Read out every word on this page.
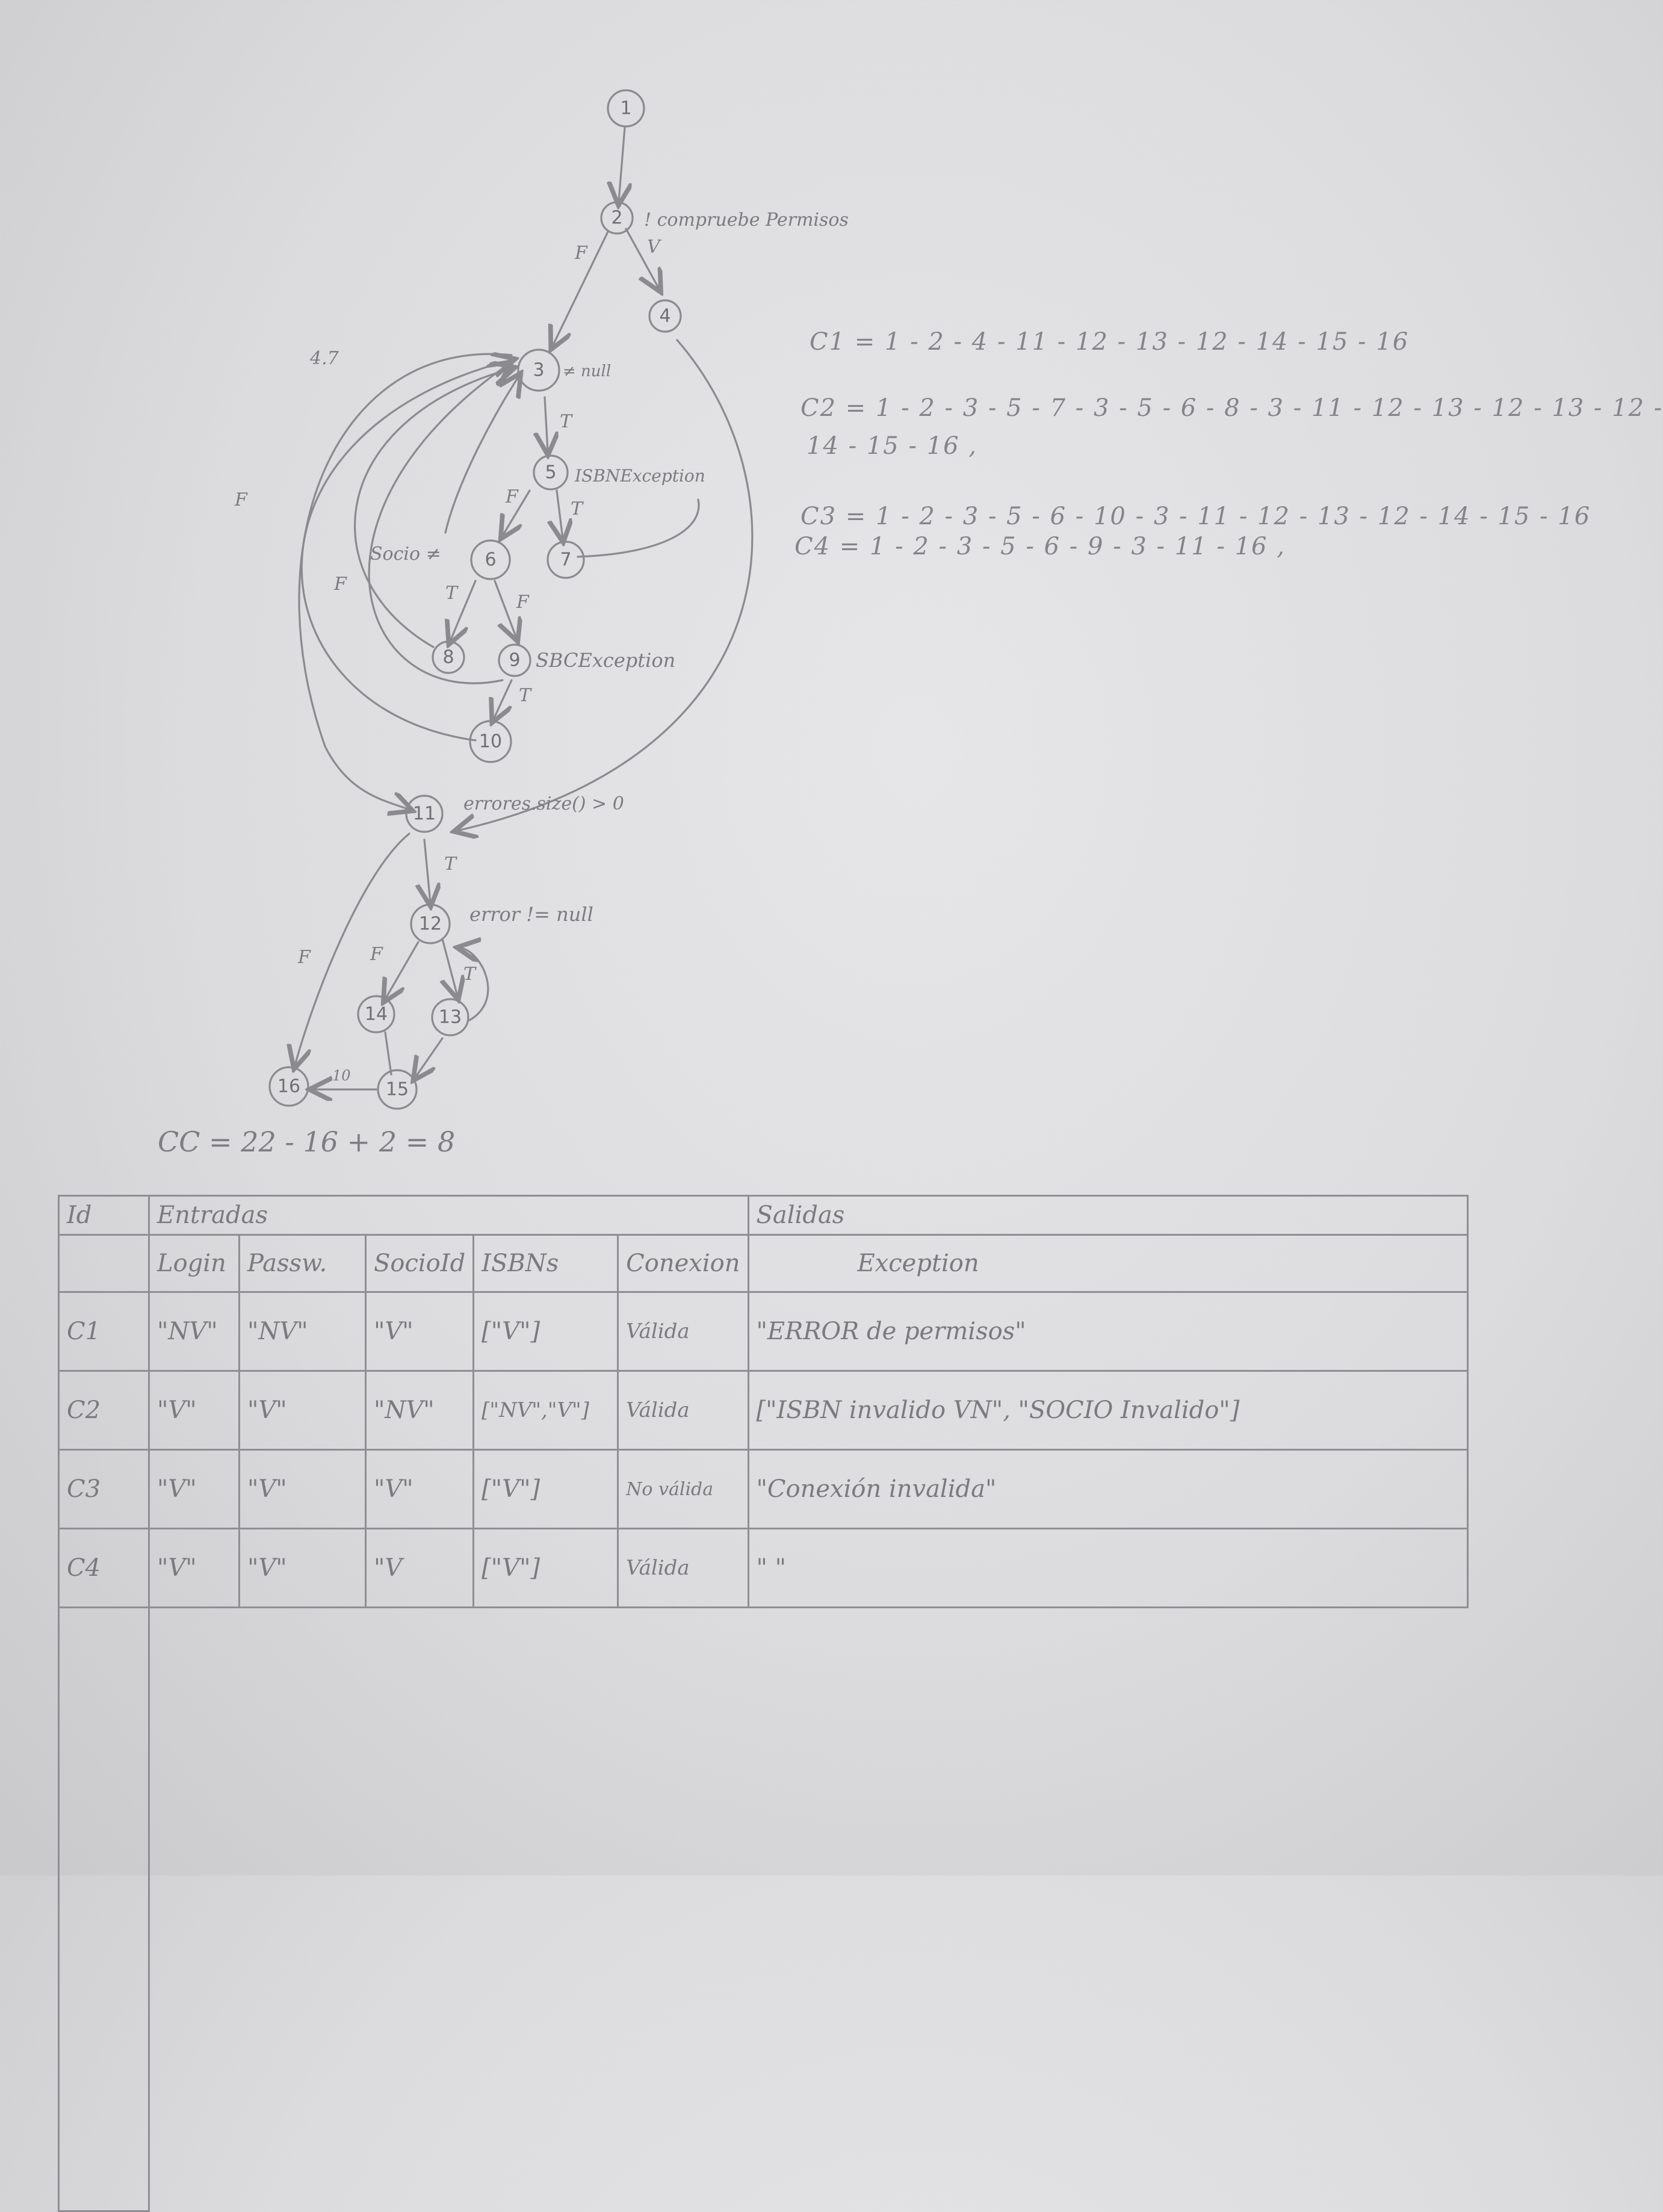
1
2
3
4
5
6	7
8	9
10
11
12
13
14
15
16
! compruebe Permisos
≠ null
ISBNException
Socio ≠
SBCException
errores.size() > 0
error != null
F	V
T
F
T
T	F
T
T
F	F
T
10
4.7
F
F
C1 = 1 - 2 - 4 - 11 - 12 - 13 - 12 - 14 - 15 - 16
C2 = 1 - 2 - 3 - 5 - 7 - 3 - 5 - 6 - 8 - 3 - 11 - 12 - 13 - 12 - 13 - 12 -
14 - 15 - 16 ,
C3 = 1 - 2 - 3 - 5 - 6 - 10 - 3 - 11 - 12 - 13 - 12 - 14 - 15 - 16
C4 = 1 - 2 - 3 - 5 - 6 - 9 - 3 - 11 - 16 ,
CC = 22 - 16 + 2 = 8
Id	Entradas					Salidas
	Login	Passw.	SocioId	ISBNs	Conexion	Exception
C1	"NV"	"NV"	"V"	["V"]	Válida	"ERROR de permisos"
C2	"V"	"V"	"NV"	["NV","V"]	Válida	["ISBN invalido VN", "SOCIO Invalido"]
C3	"V"	"V"	"V"	["V"]	No válida	"Conexión invalida"
C4	"V"	"V"	"V	["V"]	Válida	" "
